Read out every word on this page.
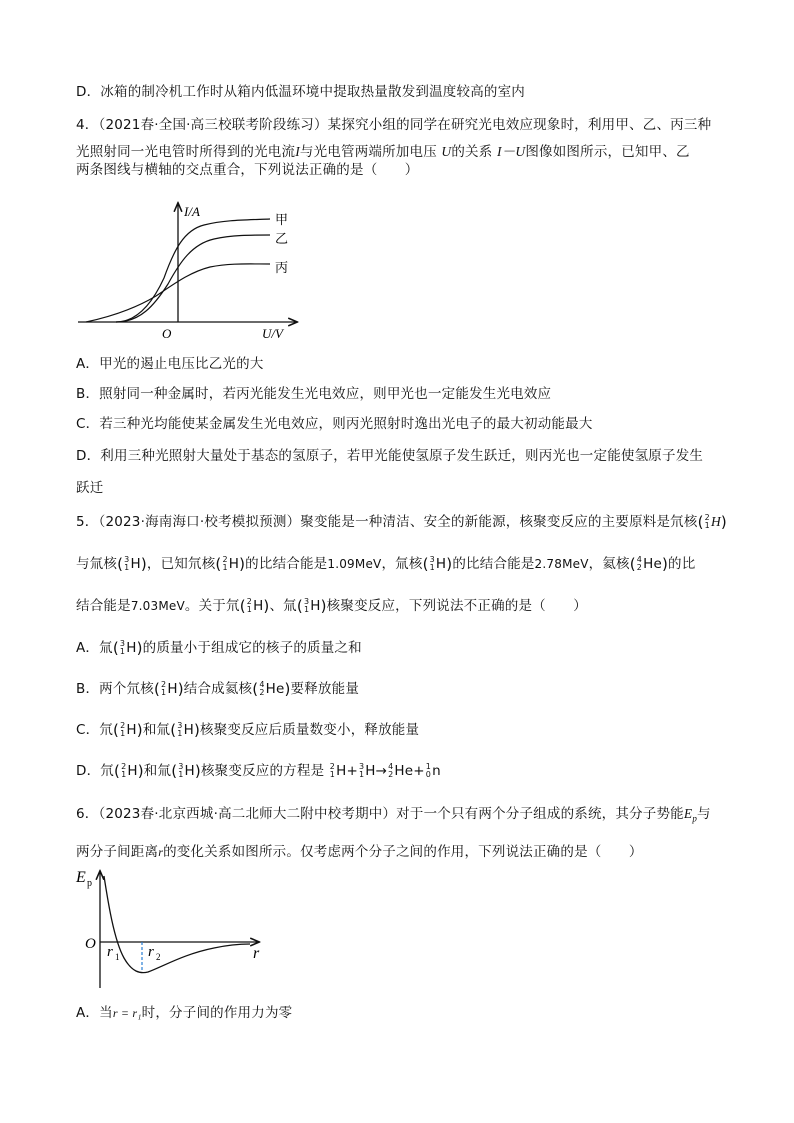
D．冰箱的制冷机工作时从箱内低温环境中提取热量散发到温度较高的室内
4．（2021春·全国·高三校联考阶段练习）某探究小组的同学在研究光电效应现象时，利用甲、乙、丙三种
光照射同一光电管时所得到的光电流I与光电管两端所加电压 U的关系 I－U图像如图所示，已知甲、乙
两条图线与横轴的交点重合，下列说法正确的是（　　）
I/A
U/V
O
甲
乙
丙
A．甲光的遏止电压比乙光的大
B．照射同一种金属时，若丙光能发生光电效应，则甲光也一定能发生光电效应
C．若三种光均能使某金属发生光电效应，则丙光照射时逸出光电子的最大初动能最大
D．利用三种光照射大量处于基态的氢原子，若甲光能使氢原子发生跃迁，则丙光也一定能使氢原子发生
跃迁
5．（2023·海南海口·校考模拟预测）聚变能是一种清洁、安全的新能源，核聚变反应的主要原料是氘核( 2
1 H)
与氚核( 3
1 H)，已知氘核( 2
1 H)的比结合能是1.09MeV，氚核( 3
1 H)的比结合能是2.78MeV，氦核( 4
2 He)的比
结合能是7.03MeV。关于氘( 2
1 H)、氚( 3
1 H)核聚变反应，下列说法不正确的是（　　）
A．氚( 3
1 H)的质量小于组成它的核子的质量之和
B．两个氘核( 2
1 H)结合成氦核( 4
2 He)要释放能量
C．氘( 2
1 H)和氚( 3
1 H)核聚变反应后质量数变小，释放能量
D．氘( 2
1 H)和氚( 3
1 H)核聚变反应的方程是 2
1 H+ 3
1 H→ 4
2 He+ 1
0 n
6．（2023春·北京西城·高二北师大二附中校考期中）对于一个只有两个分子组成的系统，其分子势能$E_p$与
两分子间距离r的变化关系如图所示。仅考虑两个分子之间的作用，下列说法正确的是（　　）
E p
O
r
r 1 r 2
A．当r = r₁时，分子间的作用力为零
